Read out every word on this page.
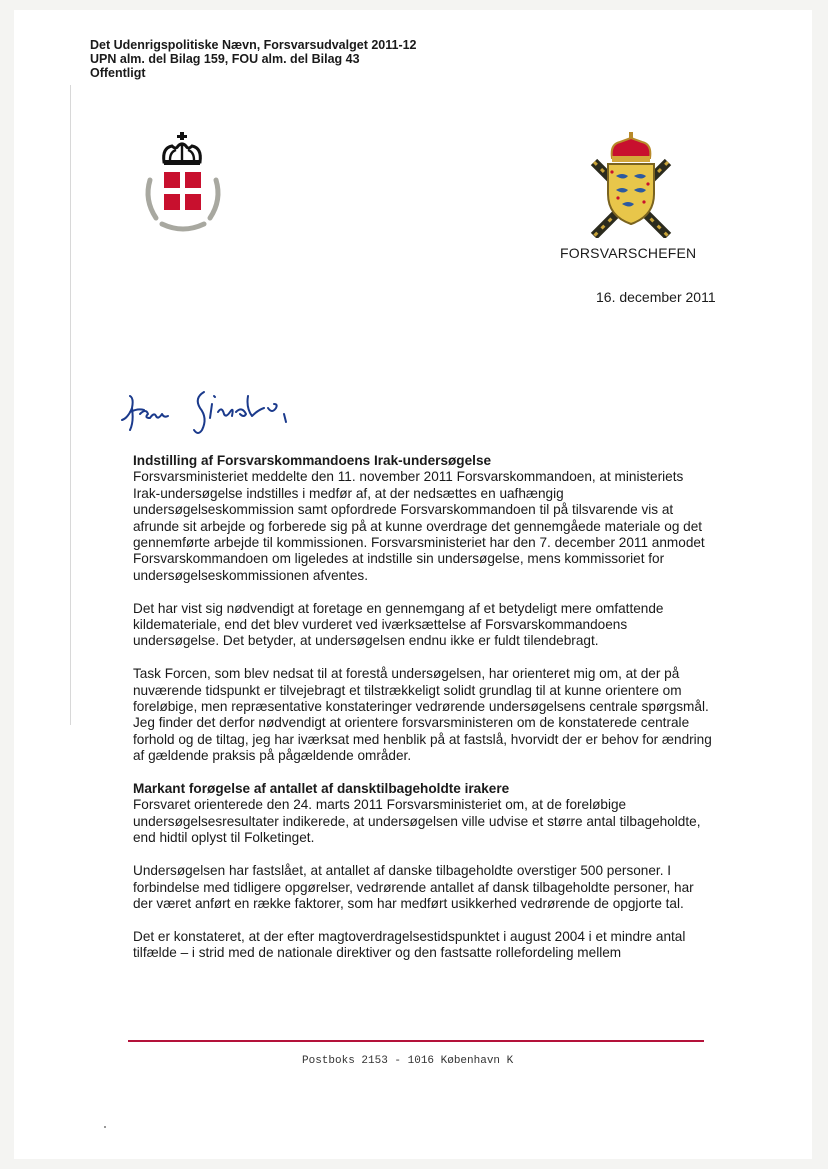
Det Udenrigspolitiske Nævn, Forsvarsudvalget 2011-12
UPN alm. del Bilag 159, FOU alm. del Bilag 43
Offentligt
FORSVARSCHEFEN
16. december 2011
Indstilling af Forsvarskommandoens Irak-undersøgelse

Forsvarsministeriet meddelte den 11. november 2011 Forsvarskommandoen, at ministeriets Irak-undersøgelse indstilles i medfør af, at der nedsættes en uafhængig undersøgelseskommission samt opfordrede Forsvarskommandoen til på tilsvarende vis at afrunde sit arbejde og forberede sig på at kunne overdrage det gennemgåede materiale og det gennemførte arbejde til kommissionen. Forsvarsministeriet har den 7. december 2011 anmodet Forsvarskommandoen om ligeledes at indstille sin undersøgelse, mens kommissoriet for undersøgelseskommissionen afventes.

Det har vist sig nødvendigt at foretage en gennemgang af et betydeligt mere omfattende kildemateriale, end det blev vurderet ved iværksættelse af Forsvarskommandoens undersøgelse. Det betyder, at undersøgelsen endnu ikke er fuldt tilendebragt.

Task Forcen, som blev nedsat til at forestå undersøgelsen, har orienteret mig om, at der på nuværende tidspunkt er tilvejebragt et tilstrækkeligt solidt grundlag til at kunne orientere om foreløbige, men repræsentative konstateringer vedrørende undersøgelsens centrale spørgsmål. Jeg finder det derfor nødvendigt at orientere forsvarsministeren om de konstaterede centrale forhold og de tiltag, jeg har iværksat med henblik på at fastslå, hvorvidt der er behov for ændring af gældende praksis på pågældende områder.

Markant forøgelse af antallet af dansktilbageholdte irakere

Forsvaret orienterede den 24. marts 2011 Forsvarsministeriet om, at de foreløbige undersøgelsesresultater indikerede, at undersøgelsen ville udvise et større antal tilbageholdte, end hidtil oplyst til Folketinget.

Undersøgelsen har fastslået, at antallet af danske tilbageholdte overstiger 500 personer. I forbindelse med tidligere opgørelser, vedrørende antallet af dansk tilbageholdte personer, har der været anført en række faktorer, som har medført usikkerhed vedrørende de opgjorte tal.

Det er konstateret, at der efter magtoverdragelsestidspunktet i august 2004 i et mindre antal tilfælde – i strid med de nationale direktiver og den fastsatte rollefordeling mellem

Postboks 2153 - 1016 København K
